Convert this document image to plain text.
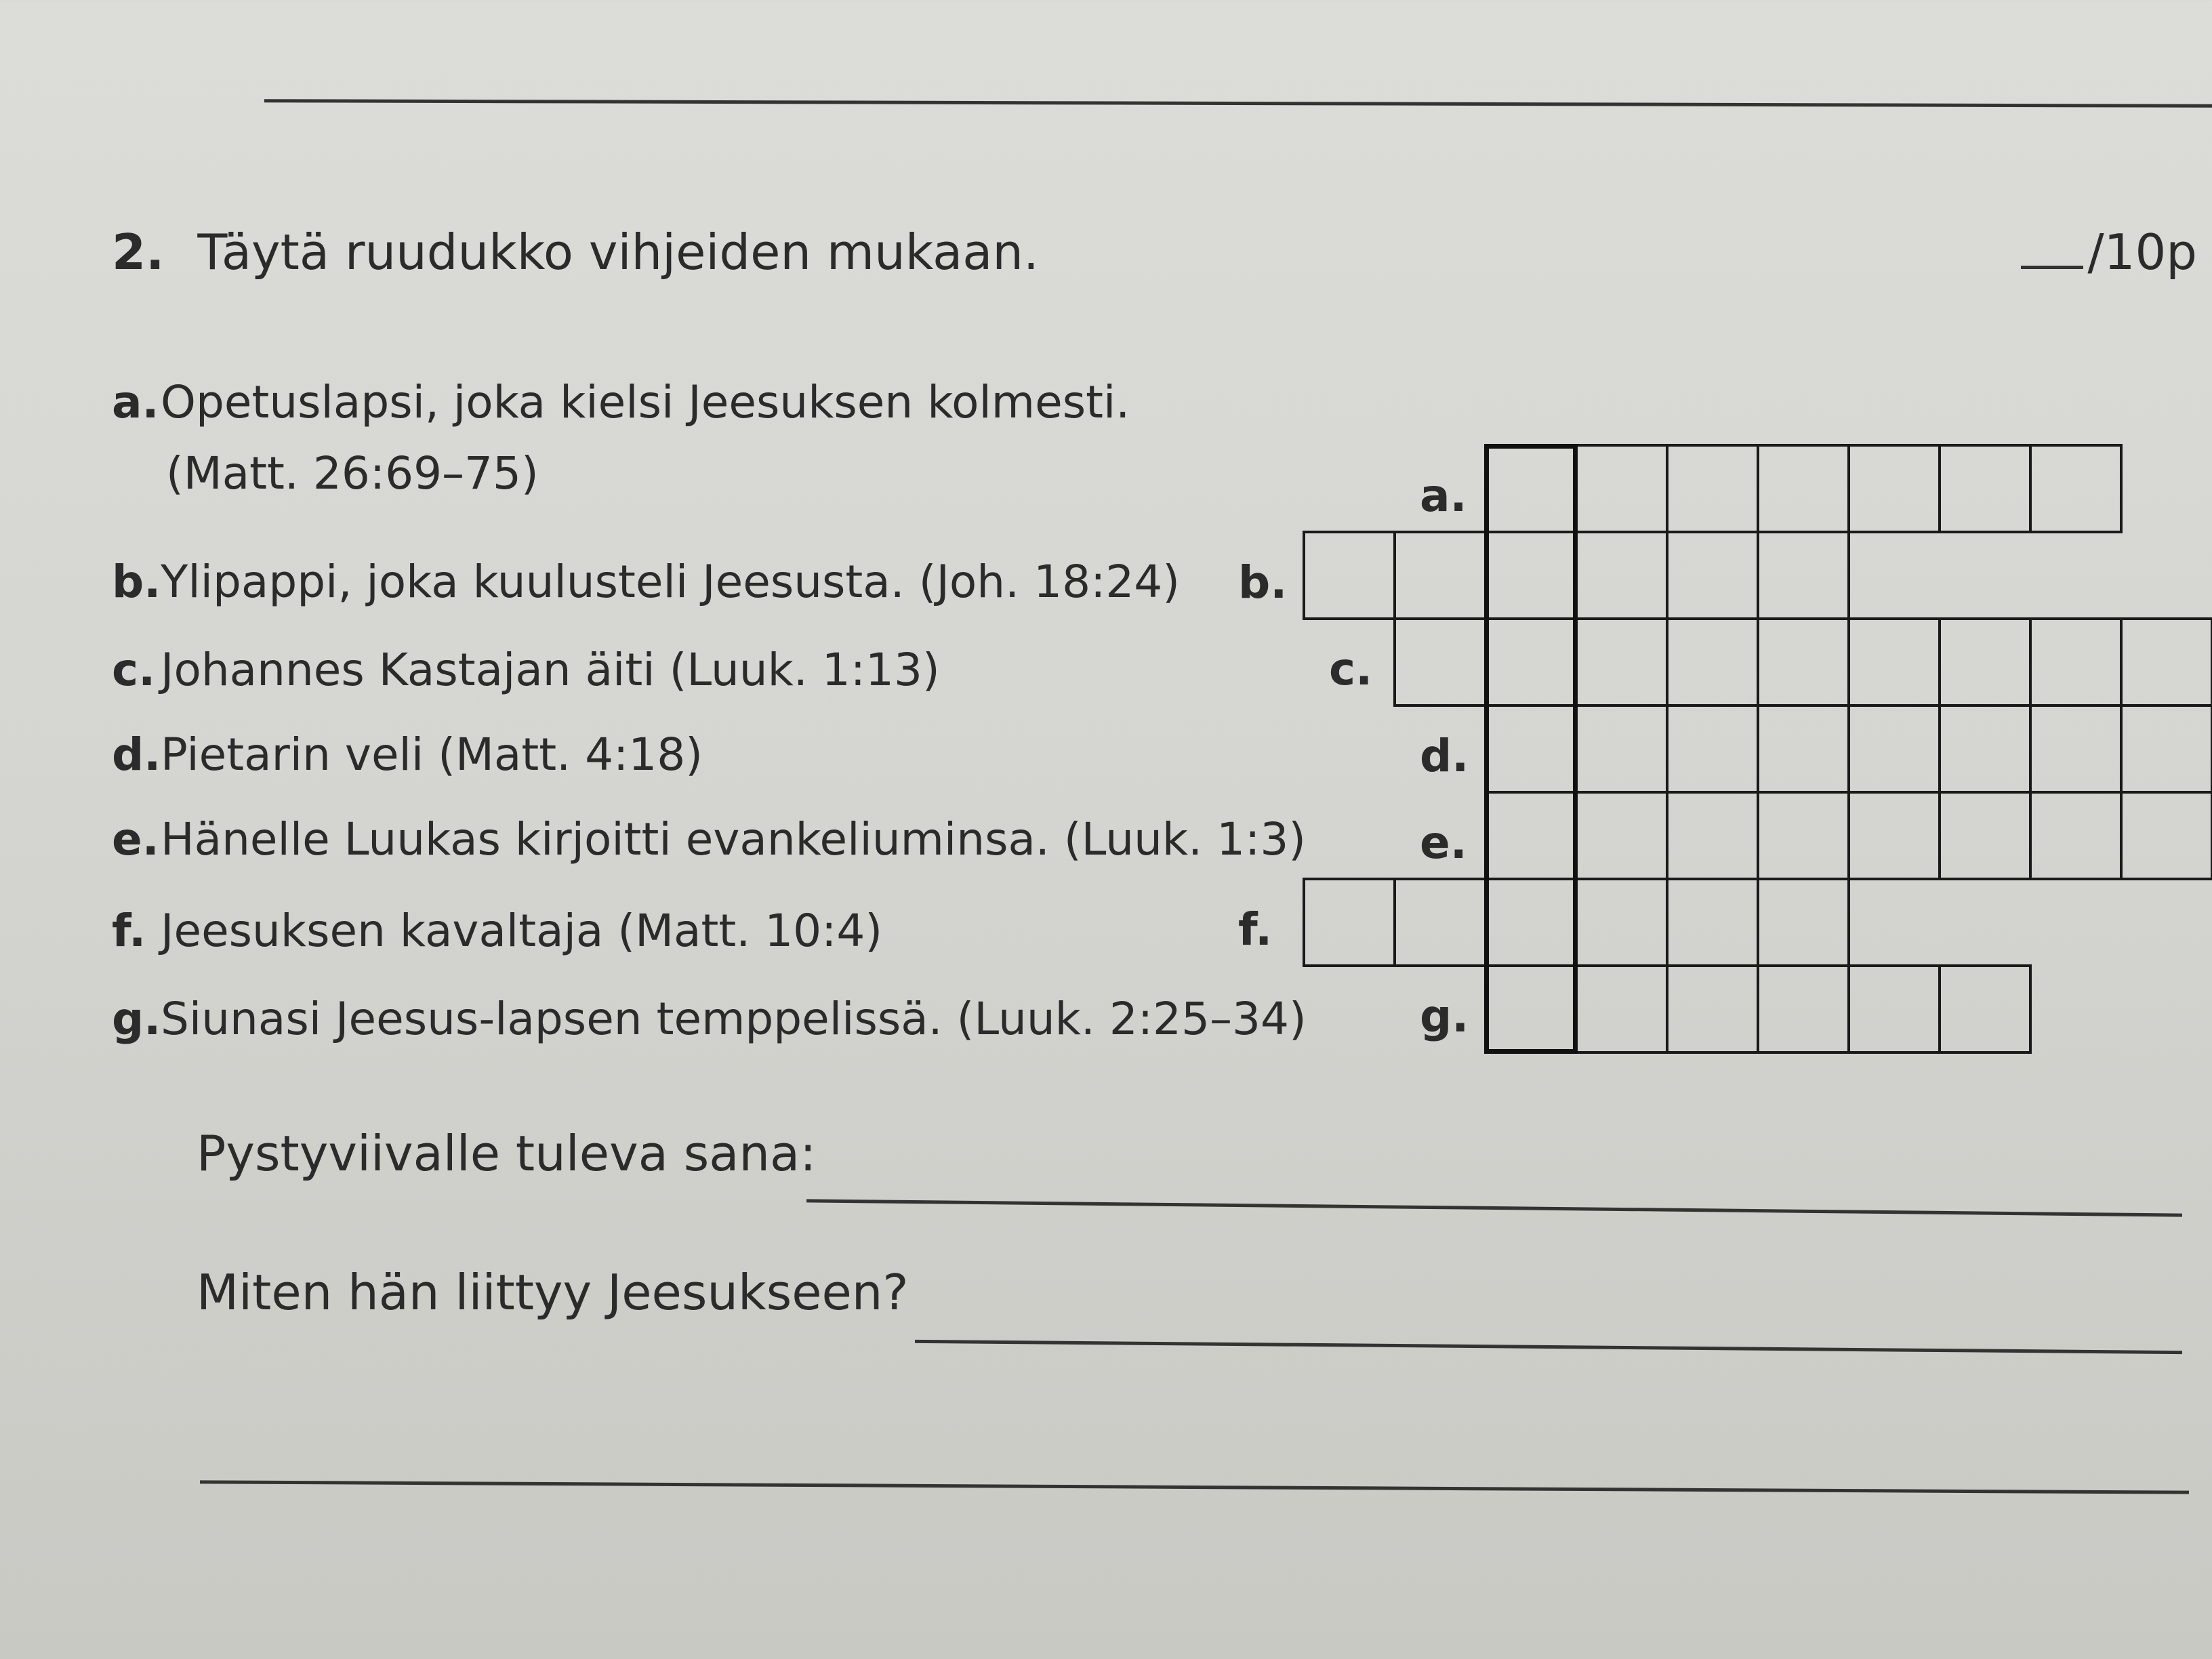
2. Täytä ruudukko vihjeiden mukaan.	/10p
a.Opetuslapsi, joka kielsi Jeesuksen kolmesti.
(Matt. 26:69–75)
b.Ylipappi, joka kuulusteli Jeesusta. (Joh. 18:24)
c. Johannes Kastajan äiti (Luuk. 1:13)
d.Pietarin veli (Matt. 4:18)
e.Hänelle Luukas kirjoitti evankeliuminsa. (Luuk. 1:3)
f. Jeesuksen kavaltaja (Matt. 10:4)
g.Siunasi Jeesus-lapsen temppelissä. (Luuk. 2:25–34)
a.
b.
c.
d.
e.
f.
g.
Pystyviivalle tuleva sana:
Miten hän liittyy Jeesukseen?
